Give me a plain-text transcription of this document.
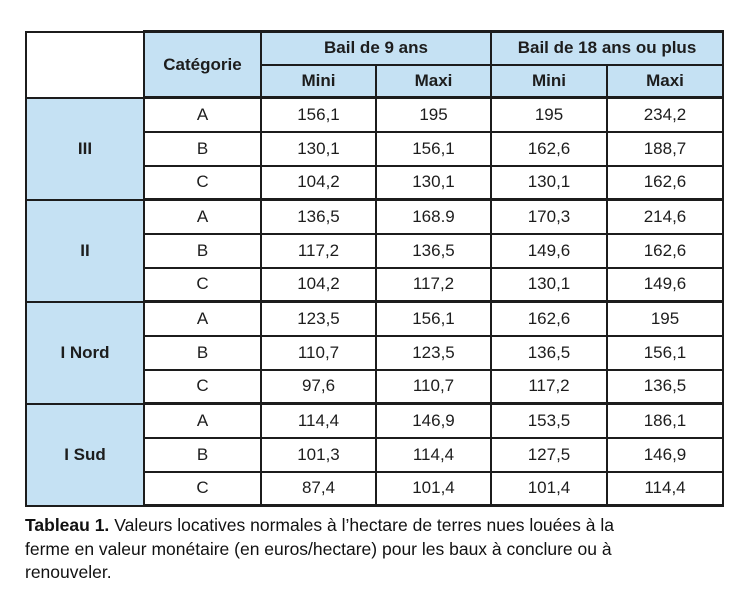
	Catégorie	Bail de 9 ans		Bail de 18 ans ou plus	
		Mini	Maxi	Mini	Maxi
III	A	156,1	195	195	234,2
	B	130,1	156,1	162,6	188,7
	C	104,2	130,1	130,1	162,6
II	A	136,5	168.9	170,3	214,6
	B	117,2	136,5	149,6	162,6
	C	104,2	117,2	130,1	149,6
I Nord	A	123,5	156,1	162,6	195
	B	110,7	123,5	136,5	156,1
	C	97,6	110,7	117,2	136,5
I Sud	A	114,4	146,9	153,5	186,1
	B	101,3	114,4	127,5	146,9
	C	87,4	101,4	101,4	114,4
Tableau 1. Valeurs locatives normales à l’hectare de terres nues louées à la
ferme en valeur monétaire (en euros/hectare) pour les baux à conclure ou à
renouveler.
